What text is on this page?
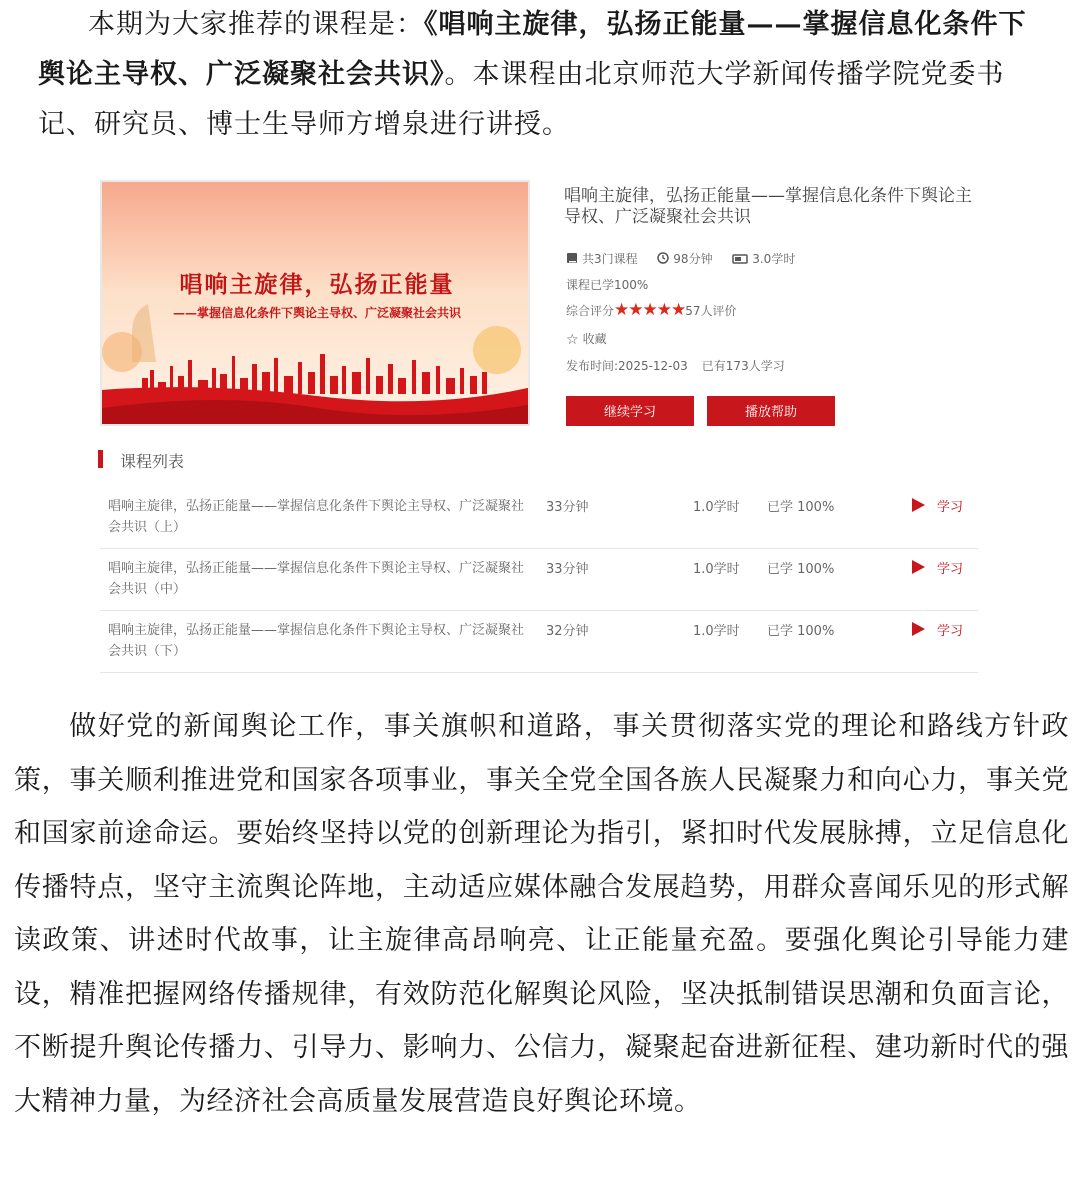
本期为大家推荐的课程是：《唱响主旋律，弘扬正能量——掌握信息化条件下舆论主导权、广泛凝聚社会共识》。本课程由北京师范大学新闻传播学院党委书记、研究员、博士生导师方增泉进行讲授。
唱响主旋律，弘扬正能量
——掌握信息化条件下舆论主导权、广泛凝聚社会共识
唱响主旋律，弘扬正能量——掌握信息化条件下舆论主导权、广泛凝聚社会共识
共3门课程	98分钟	3.0学时
课程已学100%
综合评分★★★★★57人评价
☆ 收藏
发布时间:2025-12-03 已有173人学习
继续学习	播放帮助
课程列表
唱响主旋律，弘扬正能量——掌握信息化条件下舆论主导权、广泛凝聚社会共识（上）
33分钟	1.0学时 已学 100%	学习
唱响主旋律，弘扬正能量——掌握信息化条件下舆论主导权、广泛凝聚社会共识（中）
33分钟	1.0学时 已学 100%	学习
唱响主旋律，弘扬正能量——掌握信息化条件下舆论主导权、广泛凝聚社会共识（下）
32分钟	1.0学时 已学 100%	学习
做好党的新闻舆论工作，事关旗帜和道路，事关贯彻落实党的理论和路线方针政策，事关顺利推进党和国家各项事业，事关全党全国各族人民凝聚力和向心力，事关党和国家前途命运。要始终坚持以党的创新理论为指引，紧扣时代发展脉搏，立足信息化传播特点，坚守主流舆论阵地，主动适应媒体融合发展趋势，用群众喜闻乐见的形式解读政策、讲述时代故事，让主旋律高昂响亮、让正能量充盈。要强化舆论引导能力建设，精准把握网络传播规律，有效防范化解舆论风险，坚决抵制错误思潮和负面言论，不断提升舆论传播力、引导力、影响力、公信力，凝聚起奋进新征程、建功新时代的强大精神力量，为经济社会高质量发展营造良好舆论环境。
